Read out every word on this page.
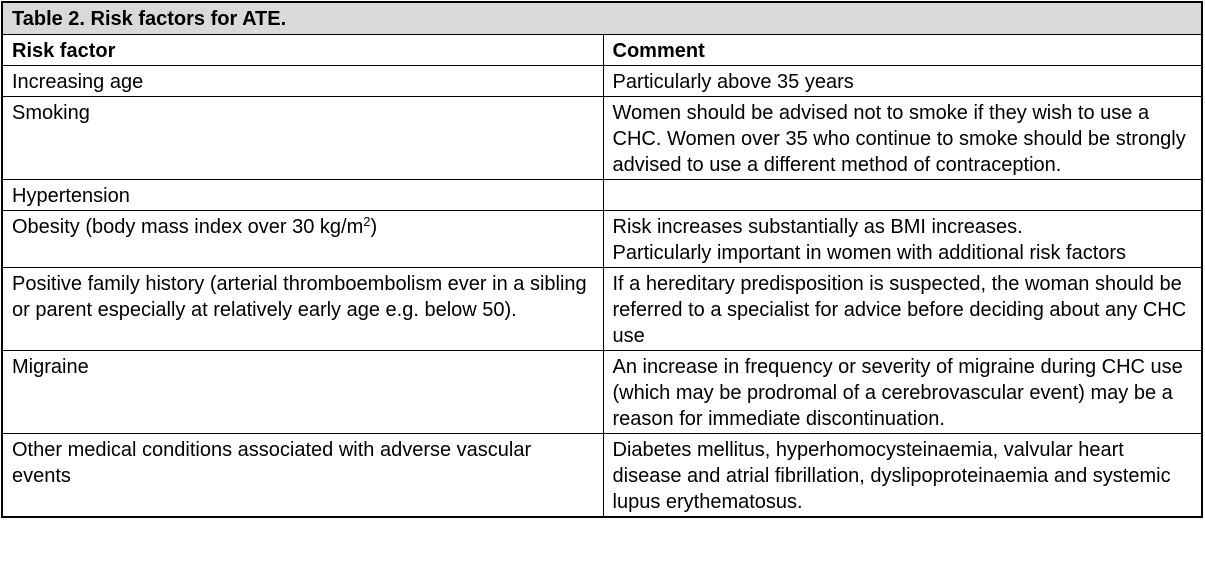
Table 2. Risk factors for ATE.	
Risk factor	Comment
Increasing age	Particularly above 35 years
Smoking	Women should be advised not to smoke if they wish to use a CHC. Women over 35 who continue to smoke should be strongly advised to use a different method of contraception.
Hypertension	
Obesity (body mass index over 30 $kg/m^2$)	Risk increases substantially as BMI increases.
Particularly important in women with additional risk factors

Positive family history (arterial thromboembolism ever in a sibling or parent especially at relatively early age e.g. below 50).	If a hereditary predisposition is suspected, the woman should be referred to a specialist for advice before deciding about any CHC use
Migraine	An increase in frequency or severity of migraine during CHC use (which may be prodromal of a cerebrovascular event) may be a reason for immediate discontinuation.
Other medical conditions associated with adverse vascular events	Diabetes mellitus, hyperhomocysteinaemia, valvular heart disease and atrial fibrillation, dyslipoproteinaemia and systemic lupus erythematosus.
